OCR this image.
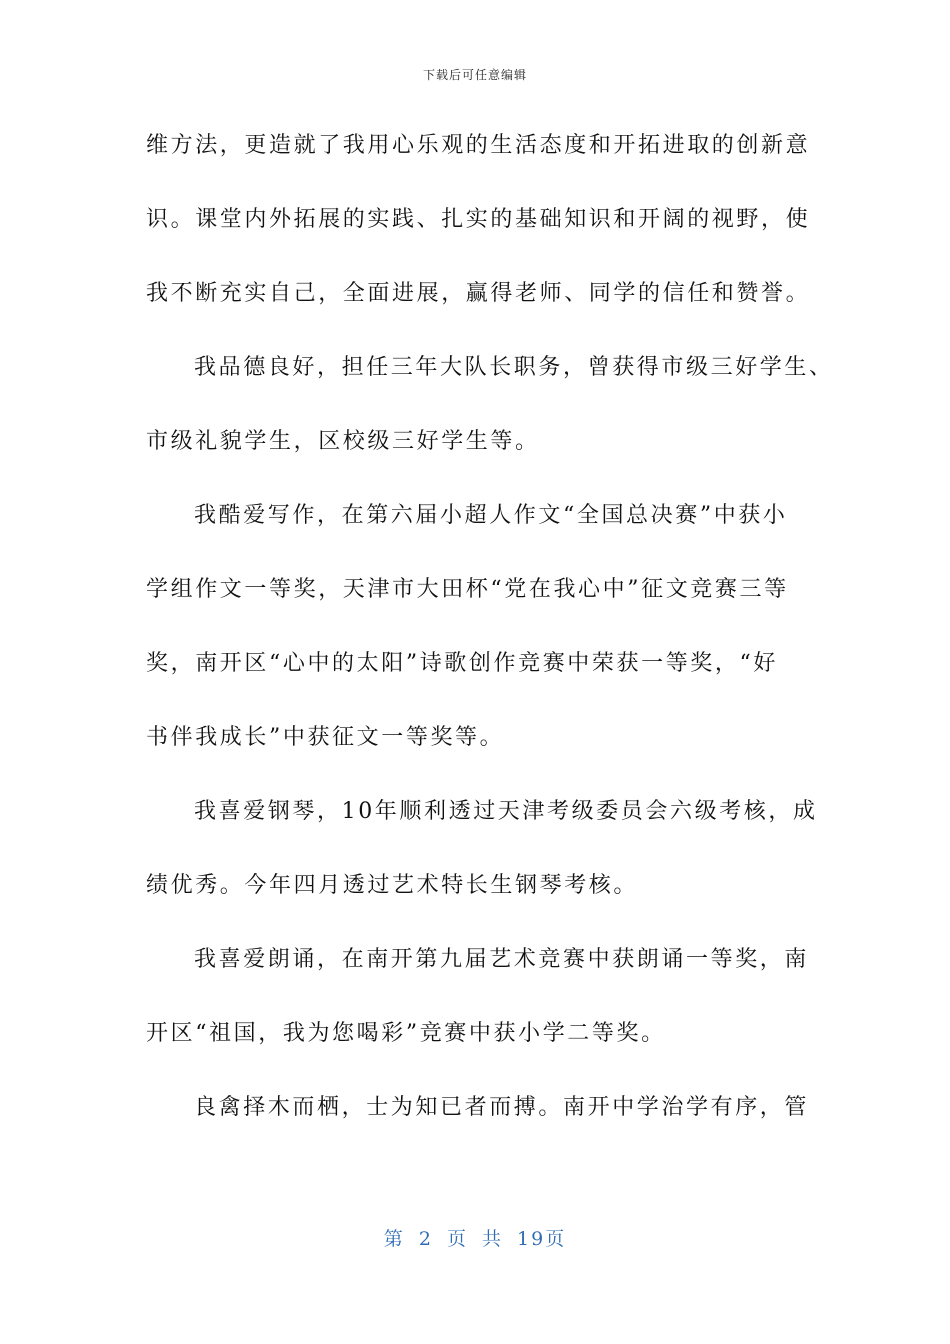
下载后可任意编辑
维方法，更造就了我用心乐观的生活态度和开拓进取的创新意
识。课堂内外拓展的实践、扎实的基础知识和开阔的视野，使
我不断充实自己，全面进展，赢得老师、同学的信任和赞誉。
我品德良好，担任三年大队长职务，曾获得市级三好学生、
市级礼貌学生，区校级三好学生等。
我酷爱写作，在第六届小超人作文“全国总决赛”中获小
学组作文一等奖，天津市大田杯“党在我心中”征文竞赛三等
奖，南开区“心中的太阳”诗歌创作竞赛中荣获一等奖，“好
书伴我成长”中获征文一等奖等。
我喜爱钢琴，10年顺利透过天津考级委员会六级考核，成
绩优秀。今年四月透过艺术特长生钢琴考核。
我喜爱朗诵，在南开第九届艺术竞赛中获朗诵一等奖，南
开区“祖国，我为您喝彩”竞赛中获小学二等奖。
良禽择木而栖，士为知已者而搏。南开中学治学有序，管
第 2 页 共 19页
